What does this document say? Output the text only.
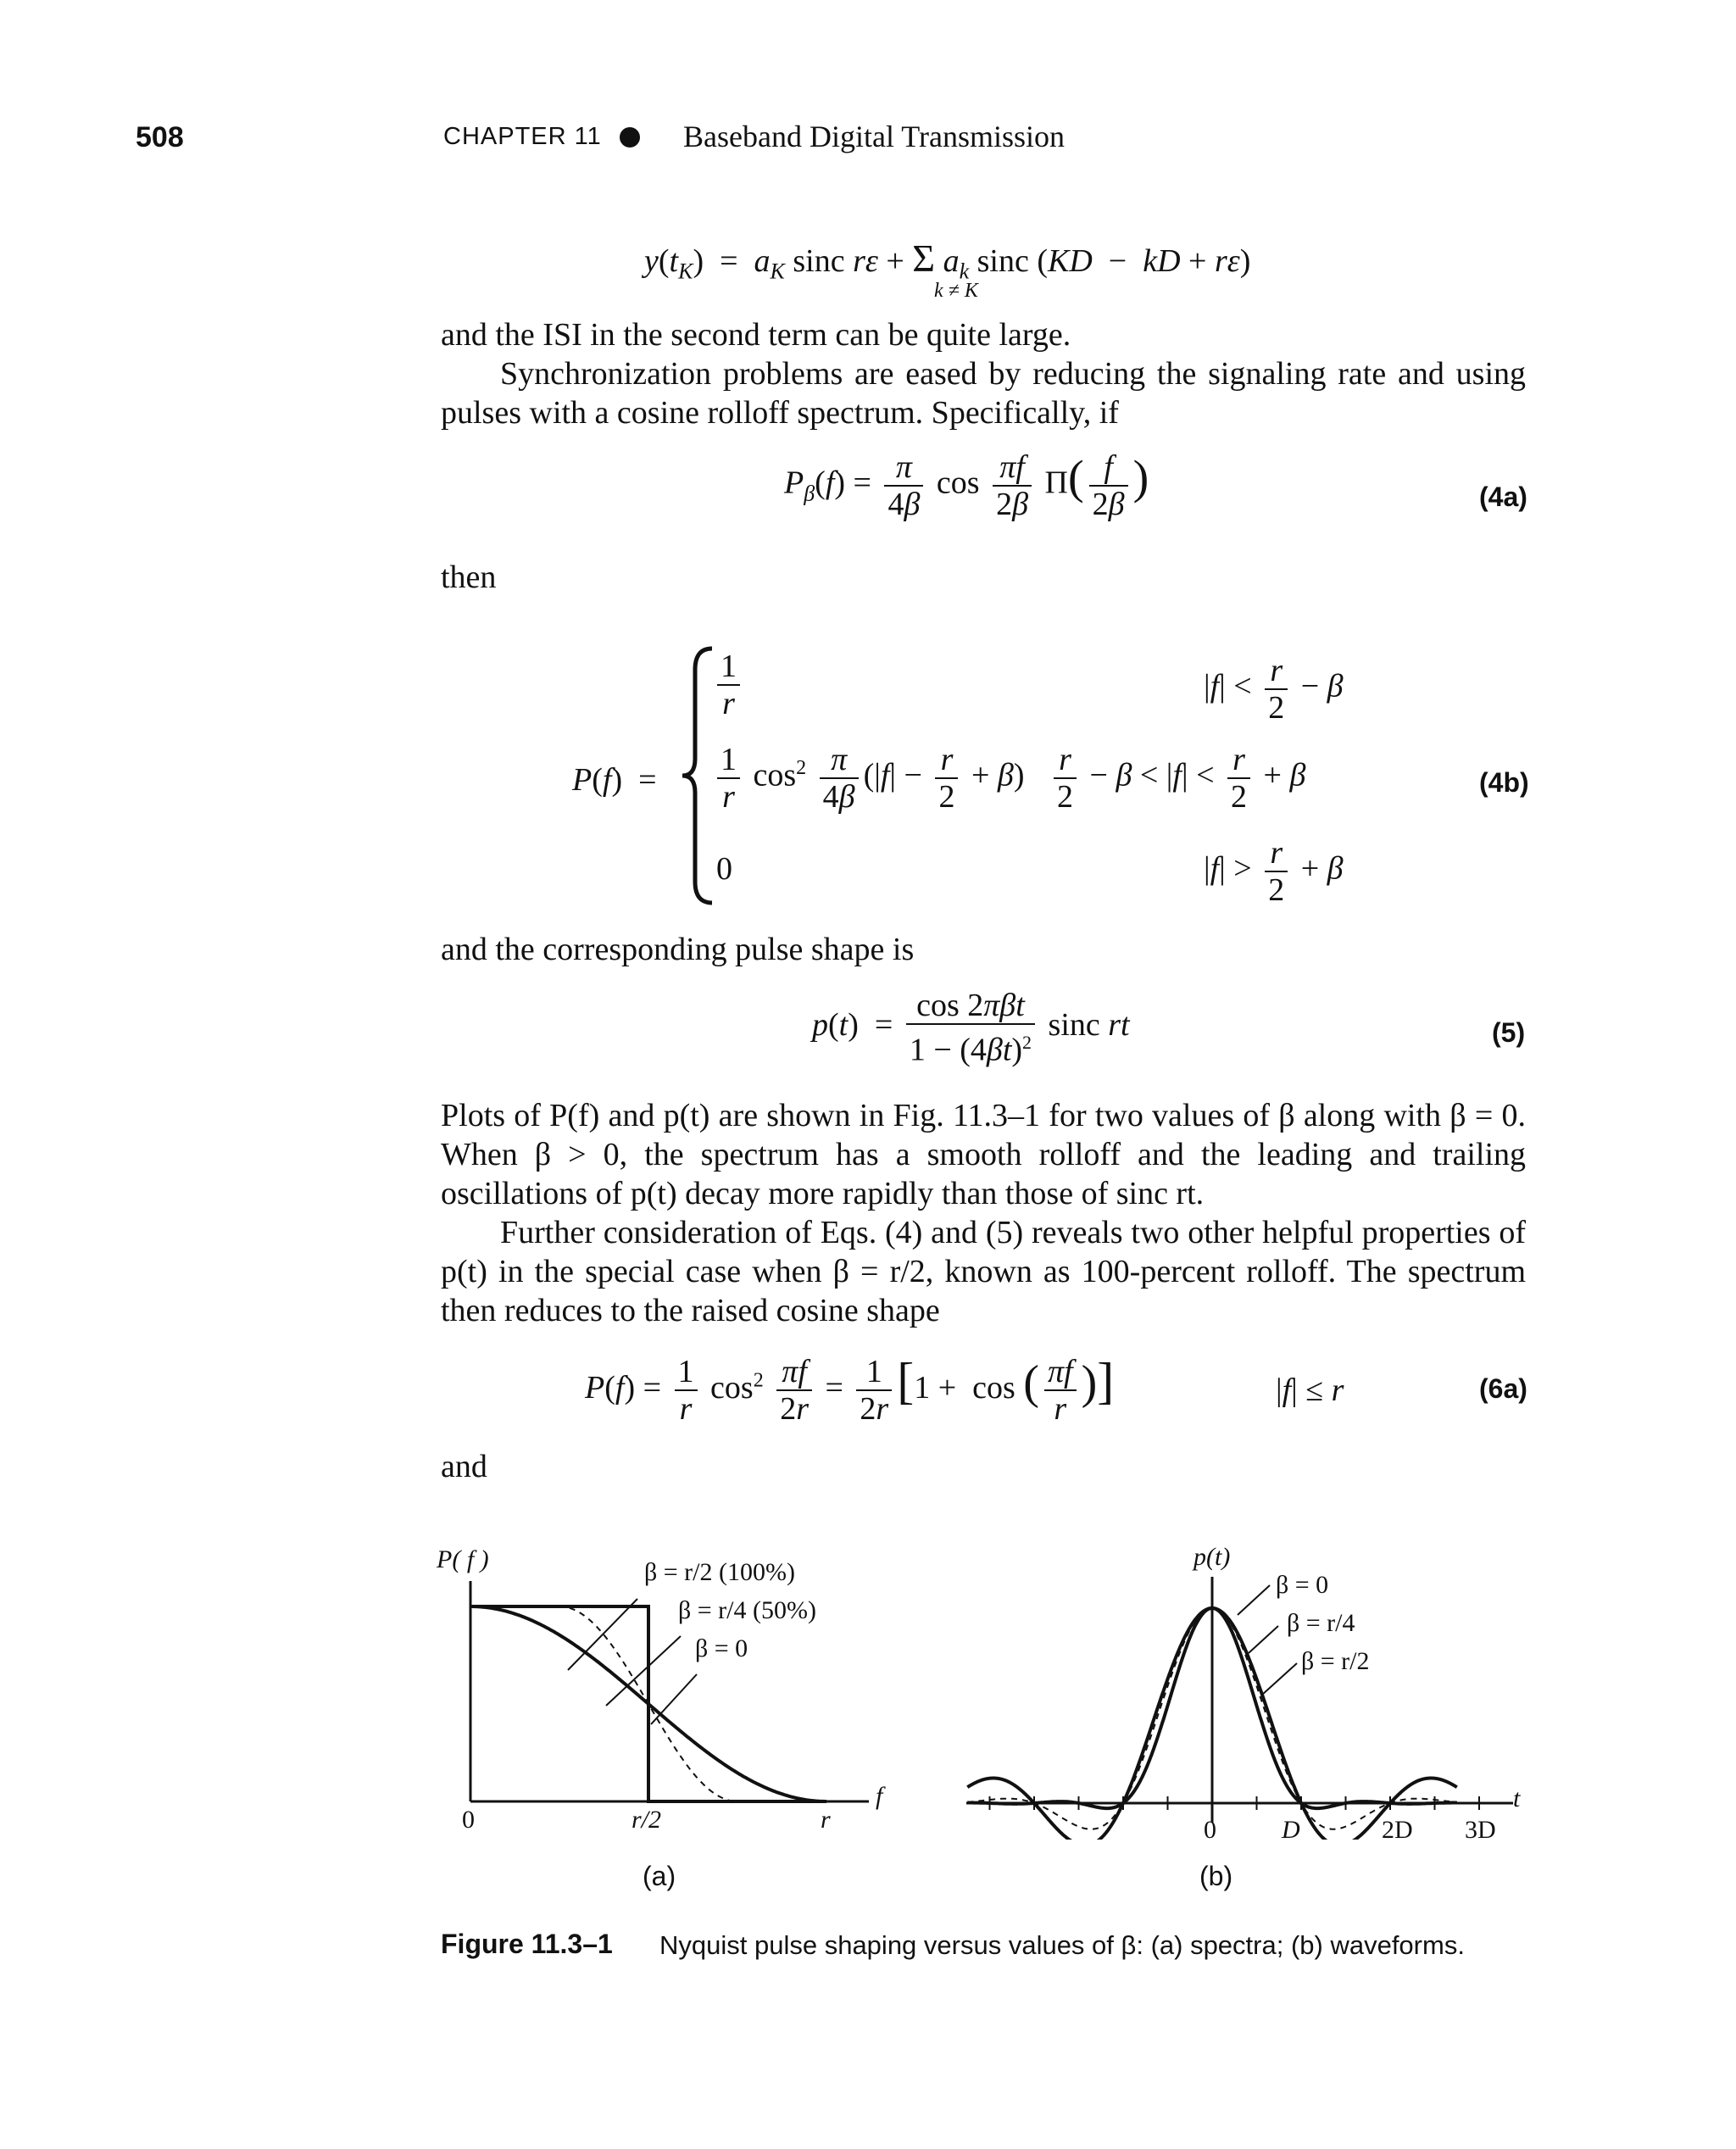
508	CHAPTER 11	Baseband Digital Transmission
$y(t_K) = a_K$ sinc rε + Σ $a_k$ sinc (KD  −  kD + rε)
k ≠ K
and the ISI in the second term can be quite large.
Synchronization problems are eased by reducing the signaling rate and using pulses with a cosine rolloff spectrum. Specifically, if
$P_\beta(f) = \frac{\pi}{4\beta}$ $\cos \frac{\pi f}{2\beta} \Pi( \frac{f}{2\beta}$ )	(4a)
then
P(f)  =
$\frac{1}{r}$	$|f| < \frac{r}{2} - \beta$
$\frac{1}{r} \cos^2 \frac{\pi}{4\beta} (|f| - \frac{r}{2} + \beta) \frac{r}{2} - \beta < |f| < \frac{r}{2} + \beta$	(4b)
0	$|f| > \frac{r}{2} + \beta$
and the corresponding pulse shape is
$p(t) = \frac{\text{cos 2πβt}}{1 - (4\beta t)^2}$ sinc rt	(5)
Plots of P(f) and p(t) are shown in Fig. 11.3–1 for two values of β along with β = 0. When β > 0, the spectrum has a smooth rolloff and the leading and trailing oscillations of p(t) decay more rapidly than those of sinc rt.
Further consideration of Eqs. (4) and (5) reveals two other helpful properties of p(t) in the special case when β = r/2, known as 100-percent rolloff. The spectrum then reduces to the raised cosine shape
$P(f) = \frac{1}{r} \cos^2 \frac{\pi f}{2r} = \frac{1}{2r} [1 + \cos$ ( $\frac{\pi f}{r}$ )]	|f| ≤ r	(6a)
and
P( f )	β = r/2 (100%)
β = r/4 (50%)
β = 0
f
0	r/2	r
(a)
p(t)
β = 0
β = r/4
β = r/2
t
0	D	2D 3D
(b)
Figure 11.3–1 Nyquist pulse shaping versus values of β: (a) spectra; (b) waveforms.
